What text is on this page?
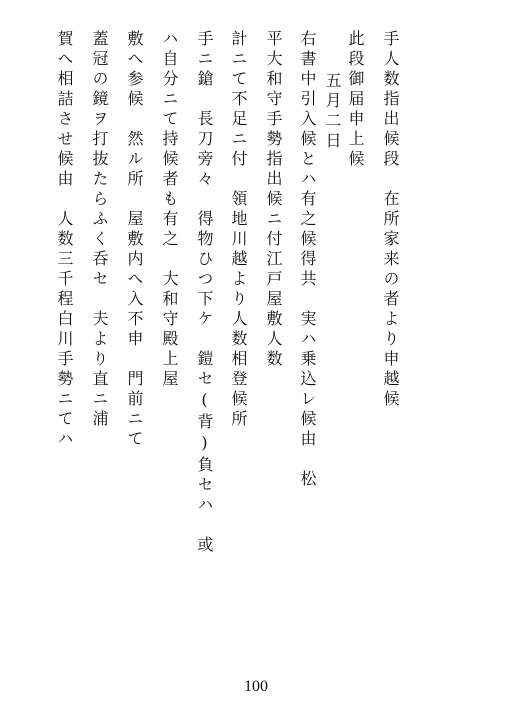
手人数指出候段　在所家来の者より申越候
此段御届申上候
　　五月二日
右書中引入候とハ有之候得共　実ハ乗込レ候由　松
平大和守手勢指出候ニ付江戸屋敷人数
計ニて不足ニ付　領地川越より人数相登候所
手ニ鎗　長刀旁々　得物ひつ下ケ　鎧セ(背)負セハ　或
ハ自分ニて持候者も有之　大和守殿上屋
敷へ参候　然ル所　屋敷内へ入不申　門前ニて
蓋冠の鏡ヲ打抜たらふく呑セ　夫より直ニ浦
賀へ相詰させ候由　人数三千程白川手勢ニてハ
100
